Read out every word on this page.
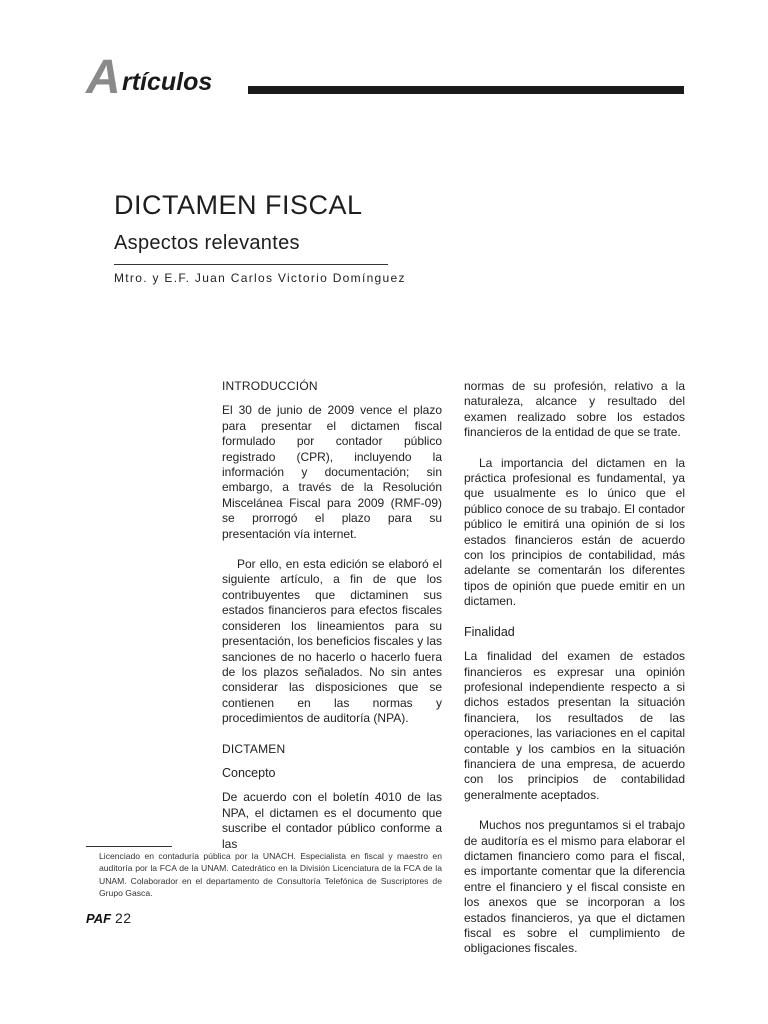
A rtículos
DICTAMEN FISCAL
Aspectos relevantes
Mtro. y E.F. Juan Carlos Victorio Domínguez

INTRODUCCIÓN

El 30 de junio de 2009 vence el plazo para presentar el dictamen fiscal formulado por contador público registrado (CPR), incluyendo la información y documentación; sin embargo, a través de la Resolución Miscelánea Fiscal para 2009 (RMF-09) se prorrogó el plazo para su presentación vía internet.

Por ello, en esta edición se elaboró el siguiente artículo, a fin de que los contribuyentes que dictaminen sus estados financieros para efectos fiscales consideren los lineamientos para su presentación, los beneficios fiscales y las sanciones de no hacerlo o hacerlo fuera de los plazos señalados. No sin antes considerar las disposiciones que se contienen en las normas y procedimientos de auditoría (NPA).

DICTAMEN

Concepto

De acuerdo con el boletín 4010 de las NPA, el dictamen es el documento que suscribe el contador público conforme a las

normas de su profesión, relativo a la naturaleza, alcance y resultado del examen realizado sobre los estados financieros de la entidad de que se trate.

La importancia del dictamen en la práctica profesional es fundamental, ya que usualmente es lo único que el público conoce de su trabajo. El contador público le emitirá una opinión de si los estados financieros están de acuerdo con los principios de contabilidad, más adelante se comentarán los diferentes tipos de opinión que puede emitir en un dictamen.

Finalidad

La finalidad del examen de estados financieros es expresar una opinión profesional independiente respecto a si dichos estados presentan la situación financiera, los resultados de las operaciones, las variaciones en el capital contable y los cambios en la situación financiera de una empresa, de acuerdo con los principios de contabilidad generalmente aceptados.

Muchos nos preguntamos si el trabajo de auditoría es el mismo para elaborar el dictamen financiero como para el fiscal, es importante comentar que la diferencia entre el financiero y el fiscal consiste en los anexos que se incorporan a los estados financieros, ya que el dictamen fiscal es sobre el cumplimiento de obligaciones fiscales.

Licenciado en contaduría pública por la UNACH. Especialista en fiscal y maestro en auditoría por la FCA de la UNAM. Catedrático en la División Licenciatura de la FCA de la UNAM. Colaborador en el departamento de Consultoría Telefónica de Suscriptores de Grupo Gasca.
PAF 22
